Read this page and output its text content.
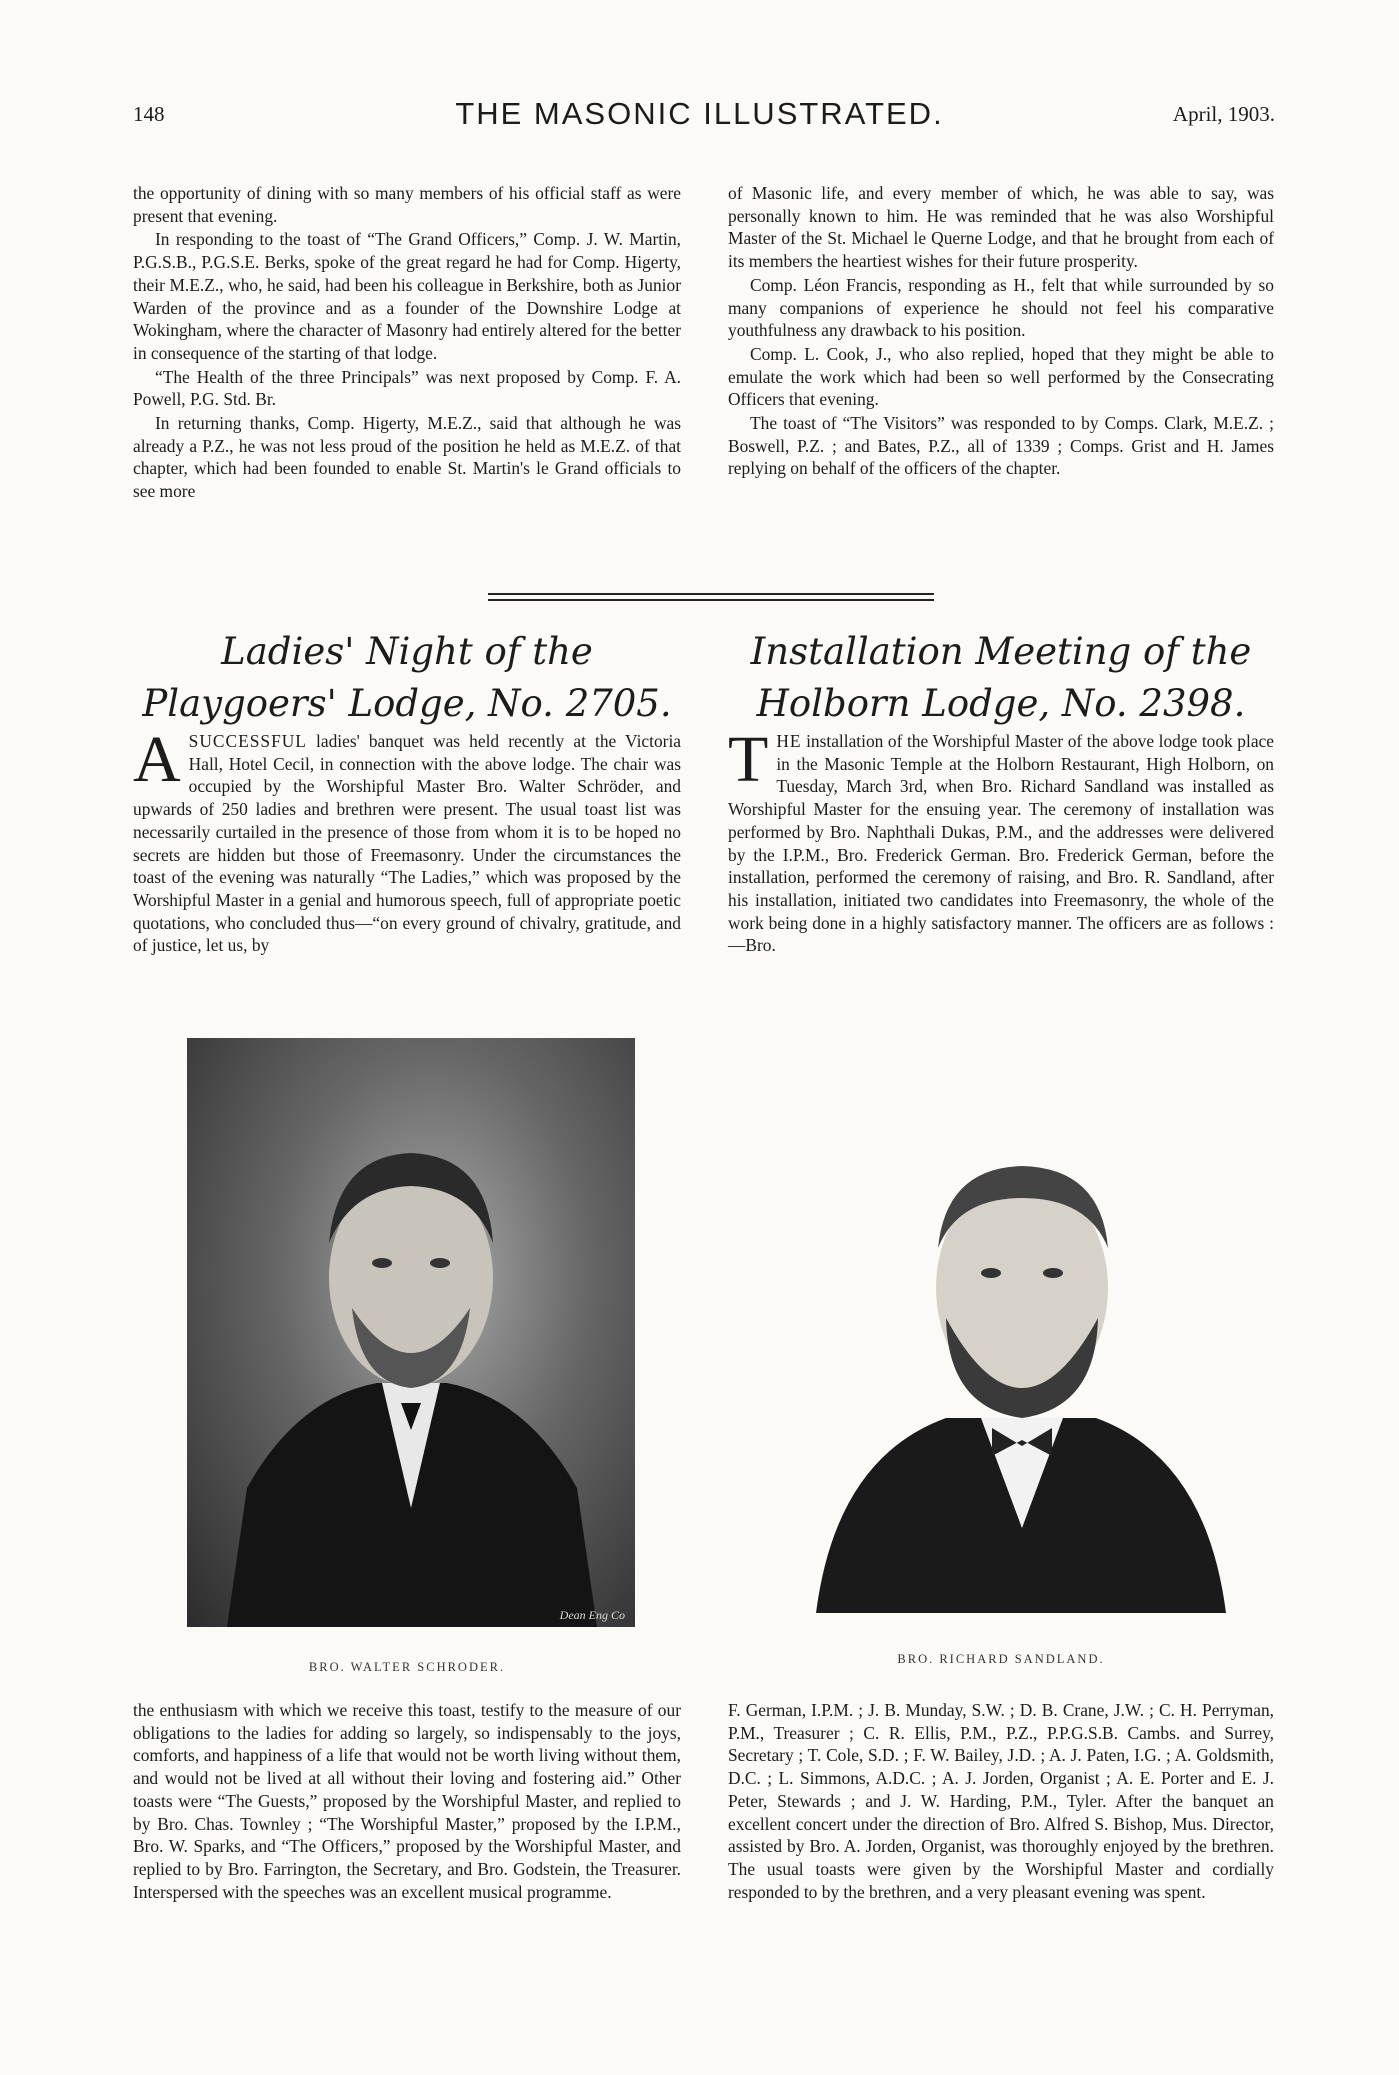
148	THE MASONIC ILLUSTRATED.	April, 1903.

the opportunity of dining with so many members of his official staff as were present that evening.

In responding to the toast of “The Grand Officers,” Comp. J. W. Martin, P.G.S.B., P.G.S.E. Berks, spoke of the great regard he had for Comp. Higerty, their M.E.Z., who, he said, had been his colleague in Berkshire, both as Junior Warden of the province and as a founder of the Downshire Lodge at Wokingham, where the character of Masonry had entirely altered for the better in consequence of the starting of that lodge.

“The Health of the three Principals” was next proposed by Comp. F. A. Powell, P.G. Std. Br.

In returning thanks, Comp. Higerty, M.E.Z., said that although he was already a P.Z., he was not less proud of the position he held as M.E.Z. of that chapter, which had been founded to enable St. Martin's le Grand officials to see more

of Masonic life, and every member of which, he was able to say, was personally known to him. He was reminded that he was also Worshipful Master of the St. Michael le Querne Lodge, and that he brought from each of its members the heartiest wishes for their future prosperity.

Comp. Léon Francis, responding as H., felt that while surrounded by so many companions of experience he should not feel his comparative youthfulness any drawback to his position.

Comp. L. Cook, J., who also replied, hoped that they might be able to emulate the work which had been so well performed by the Consecrating Officers that evening.

The toast of “The Visitors” was responded to by Comps. Clark, M.E.Z. ; Boswell, P.Z. ; and Bates, P.Z., all of 1339 ; Comps. Grist and H. James replying on behalf of the officers of the chapter.

Ladies' Night of the Playgoers' Lodge, No. 2705.
Installation Meeting of the Holborn Lodge, No. 2398.

A SUCCESSFUL ladies' banquet was held recently at the Victoria Hall, Hotel Cecil, in connection with the above lodge. The chair was occupied by the Worshipful Master Bro. Walter Schröder, and upwards of 250 ladies and brethren were present. The usual toast list was necessarily curtailed in the presence of those from whom it is to be hoped no secrets are hidden but those of Freemasonry. Under the circumstances the toast of the evening was naturally “The Ladies,” which was proposed by the Worshipful Master in a genial and humorous speech, full of appropriate poetic quotations, who concluded thus—“on every ground of chivalry, gratitude, and of justice, let us, by

T HE installation of the Worshipful Master of the above lodge took place in the Masonic Temple at the Holborn Restaurant, High Holborn, on Tuesday, March 3rd, when Bro. Richard Sandland was installed as Worshipful Master for the ensuing year. The ceremony of installation was performed by Bro. Naphthali Dukas, P.M., and the addresses were delivered by the I.P.M., Bro. Frederick German. Bro. Frederick German, before the installation, performed the ceremony of raising, and Bro. R. Sandland, after his installation, initiated two candidates into Freemasonry, the whole of the work being done in a highly satisfactory manner. The officers are as follows :—Bro.

Dean Eng Co
BRO. WALTER SCHRODER.
BRO. RICHARD SANDLAND.

the enthusiasm with which we receive this toast, testify to the measure of our obligations to the ladies for adding so largely, so indispensably to the joys, comforts, and happiness of a life that would not be worth living without them, and would not be lived at all without their loving and fostering aid.” Other toasts were “The Guests,” proposed by the Worshipful Master, and replied to by Bro. Chas. Townley ; “The Worshipful Master,” proposed by the I.P.M., Bro. W. Sparks, and “The Officers,” proposed by the Worshipful Master, and replied to by Bro. Farrington, the Secretary, and Bro. Godstein, the Treasurer. Interspersed with the speeches was an excellent musical programme.

F. German, I.P.M. ; J. B. Munday, S.W. ; D. B. Crane, J.W. ; C. H. Perryman, P.M., Treasurer ; C. R. Ellis, P.M., P.Z., P.P.G.S.B. Cambs. and Surrey, Secretary ; T. Cole, S.D. ; F. W. Bailey, J.D. ; A. J. Paten, I.G. ; A. Goldsmith, D.C. ; L. Simmons, A.D.C. ; A. J. Jorden, Organist ; A. E. Porter and E. J. Peter, Stewards ; and J. W. Harding, P.M., Tyler. After the banquet an excellent concert under the direction of Bro. Alfred S. Bishop, Mus. Director, assisted by Bro. A. Jorden, Organist, was thoroughly enjoyed by the brethren. The usual toasts were given by the Worshipful Master and cordially responded to by the brethren, and a very pleasant evening was spent.
